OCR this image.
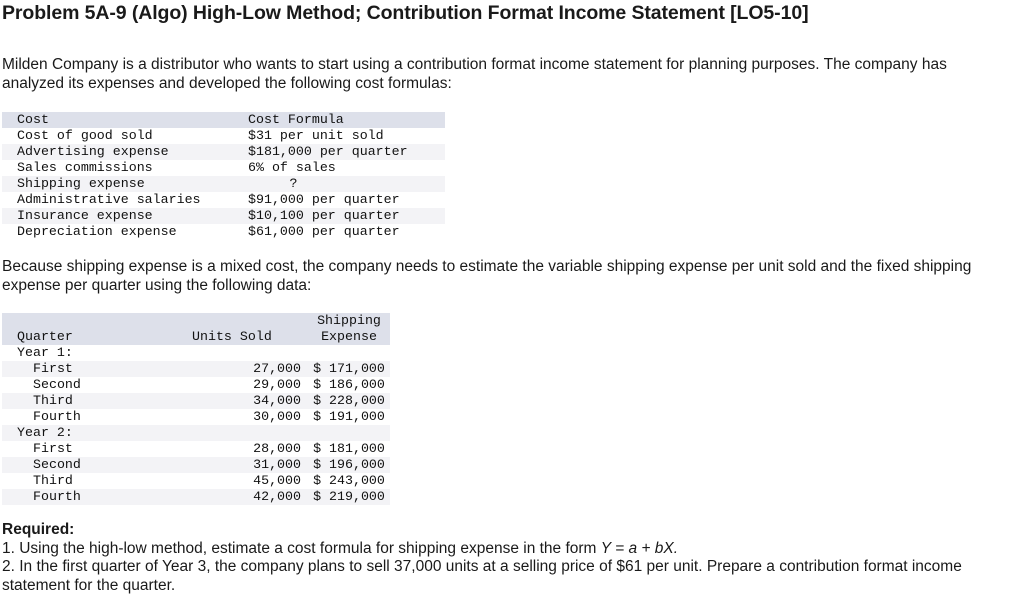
Problem 5A-9 (Algo) High-Low Method; Contribution Format Income Statement [LO5-10]
Milden Company is a distributor who wants to start using a contribution format income statement for planning purposes. The company has analyzed its expenses and developed the following cost formulas:
Cost	Cost Formula
Cost of good sold	$31 per unit sold
Advertising expense	$181,000 per quarter
Sales commissions	6% of sales
Shipping expense	?
Administrative salaries	$91,000 per quarter
Insurance expense	$10,100 per quarter
Depreciation expense	$61,000 per quarter
Because shipping expense is a mixed cost, the company needs to estimate the variable shipping expense per unit sold and the fixed shipping expense per quarter using the following data:
Quarter	Units Sold	Shipping
Expense
Year 1:		
First	27,000	$ 171,000
Second	29,000	$ 186,000
Third	34,000	$ 228,000
Fourth	30,000	$ 191,000
Year 2:		
First	28,000	$ 181,000
Second	31,000	$ 196,000
Third	45,000	$ 243,000
Fourth	42,000	$ 219,000
Required:
1. Using the high-low method, estimate a cost formula for shipping expense in the form Y = a + bX.
2. In the first quarter of Year 3, the company plans to sell 37,000 units at a selling price of $61 per unit. Prepare a contribution format income statement for the quarter.
